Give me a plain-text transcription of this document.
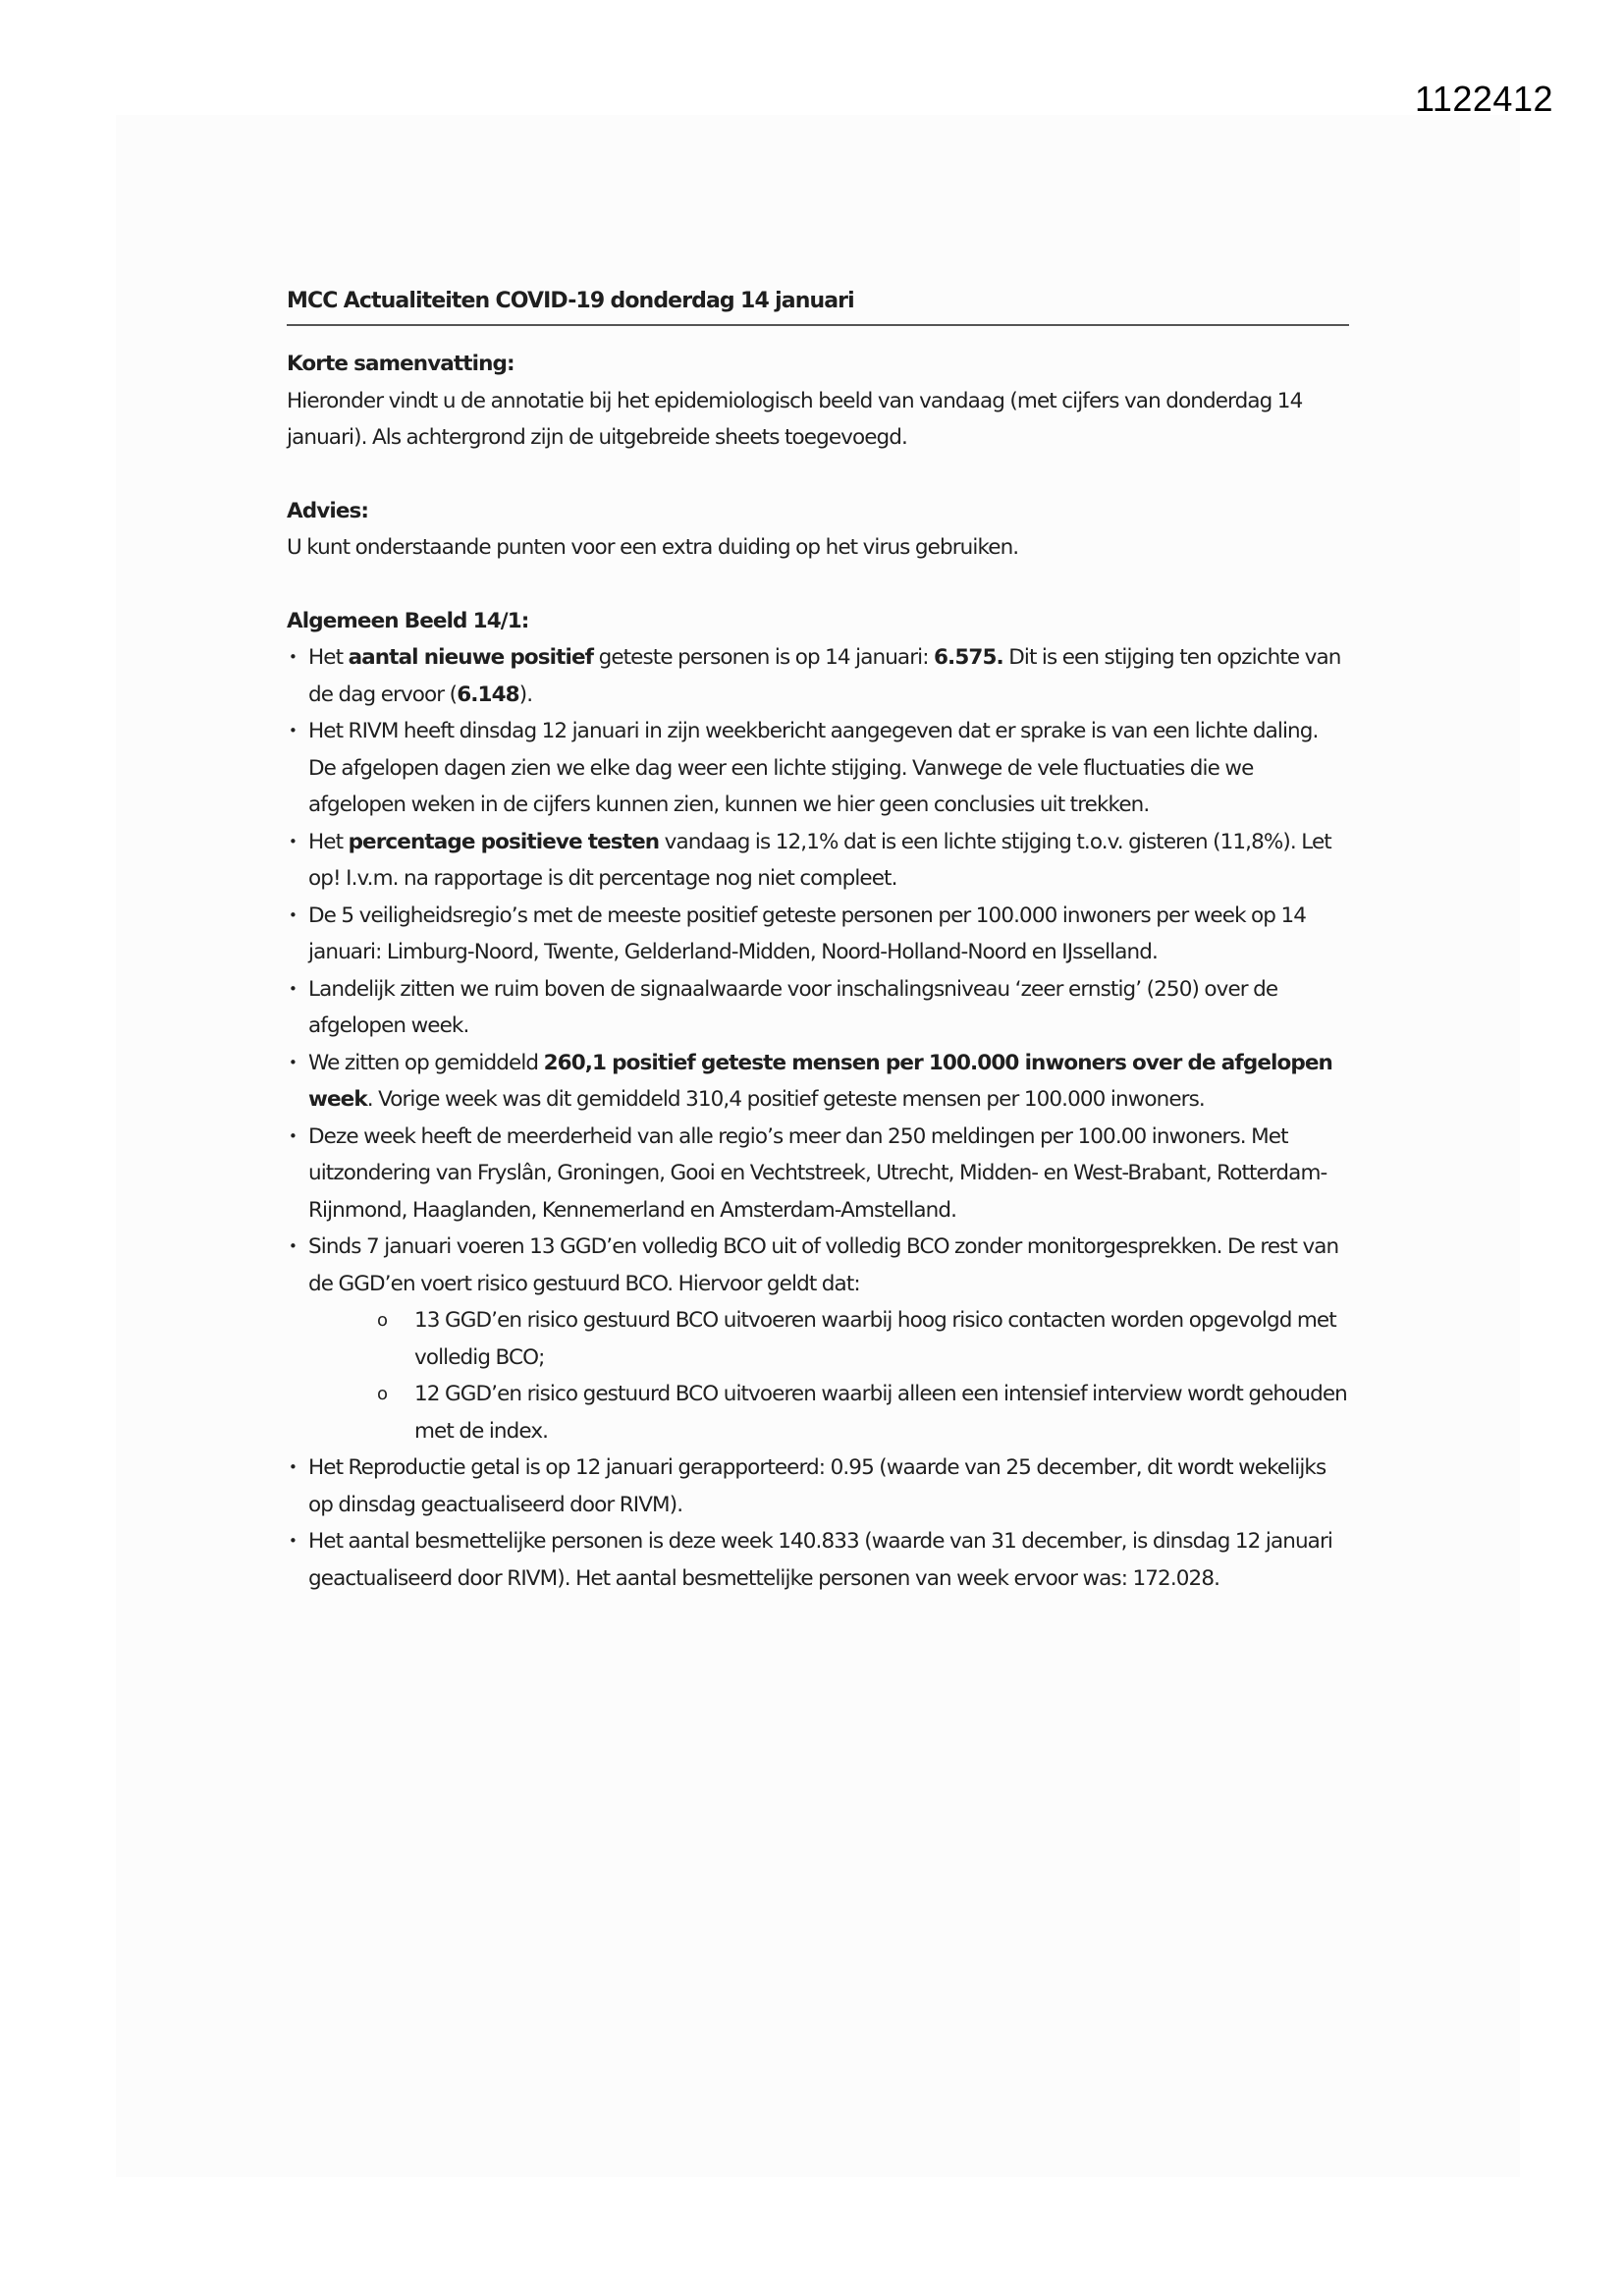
1122412
MCC Actualiteiten COVID-19 donderdag 14 januari
Korte samenvatting:

Hieronder vindt u de annotatie bij het epidemiologisch beeld van vandaag (met cijfers van donderdag 14 januari). Als achtergrond zijn de uitgebreide sheets toegevoegd.

Advies:

U kunt onderstaande punten voor een extra duiding op het virus gebruiken.

Algemeen Beeld 14/1:
• Het aantal nieuwe positief geteste personen is op 14 januari: 6.575. Dit is een stijging ten opzichte van de dag ervoor (6.148).
• Het RIVM heeft dinsdag 12 januari in zijn weekbericht aangegeven dat er sprake is van een lichte daling. De afgelopen dagen zien we elke dag weer een lichte stijging. Vanwege de vele fluctuaties die we afgelopen weken in de cijfers kunnen zien, kunnen we hier geen conclusies uit trekken.
• Het percentage positieve testen vandaag is 12,1% dat is een lichte stijging t.o.v. gisteren (11,8%). Let op! I.v.m. na rapportage is dit percentage nog niet compleet.
• De 5 veiligheidsregio’s met de meeste positief geteste personen per 100.000 inwoners per week op 14 januari: Limburg-Noord, Twente, Gelderland-Midden, Noord-Holland-Noord en IJsselland.
• Landelijk zitten we ruim boven de signaalwaarde voor inschalingsniveau ‘zeer ernstig’ (250) over de afgelopen week.
• We zitten op gemiddeld 260,1 positief geteste mensen per 100.000 inwoners over de afgelopen week. Vorige week was dit gemiddeld 310,4 positief geteste mensen per 100.000 inwoners.
• Deze week heeft de meerderheid van alle regio’s meer dan 250 meldingen per 100.00 inwoners. Met uitzondering van Fryslân, Groningen, Gooi en Vechtstreek, Utrecht, Midden- en West-Brabant, Rotterdam-Rijnmond, Haaglanden, Kennemerland en Amsterdam-Amstelland.
• Sinds 7 januari voeren 13 GGD’en volledig BCO uit of volledig BCO zonder monitorgesprekken. De rest van de GGD’en voert risico gestuurd BCO. Hiervoor geldt dat:
o 13 GGD’en risico gestuurd BCO uitvoeren waarbij hoog risico contacten worden opgevolgd met volledig BCO;
o 12 GGD’en risico gestuurd BCO uitvoeren waarbij alleen een intensief interview wordt gehouden met de index.
• Het Reproductie getal is op 12 januari gerapporteerd: 0.95 (waarde van 25 december, dit wordt wekelijks op dinsdag geactualiseerd door RIVM).
• Het aantal besmettelijke personen is deze week 140.833 (waarde van 31 december, is dinsdag 12 januari geactualiseerd door RIVM). Het aantal besmettelijke personen van week ervoor was: 172.028.
